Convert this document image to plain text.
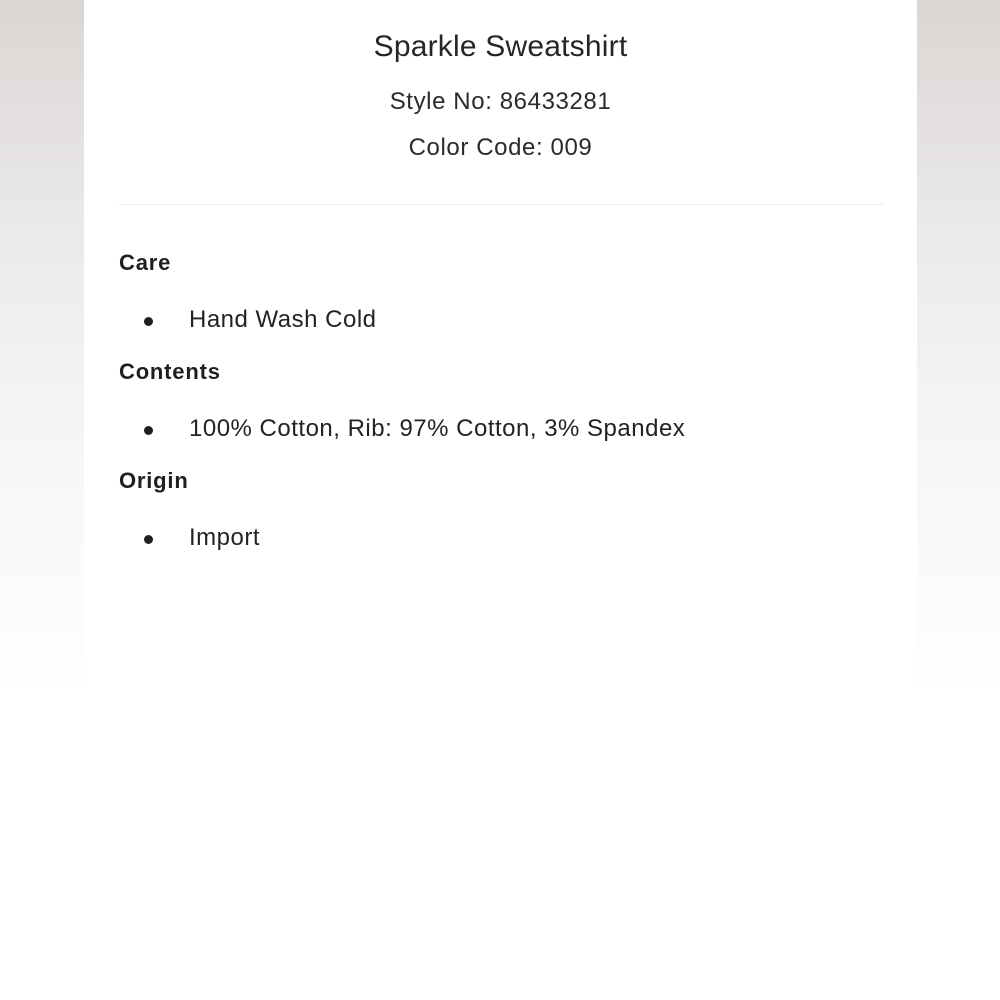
Sparkle Sweatshirt

Style No: 86433281

Color Code: 009

Care
Hand Wash Cold
Contents
100% Cotton, Rib: 97% Cotton, 3% Spandex
Origin
Import
